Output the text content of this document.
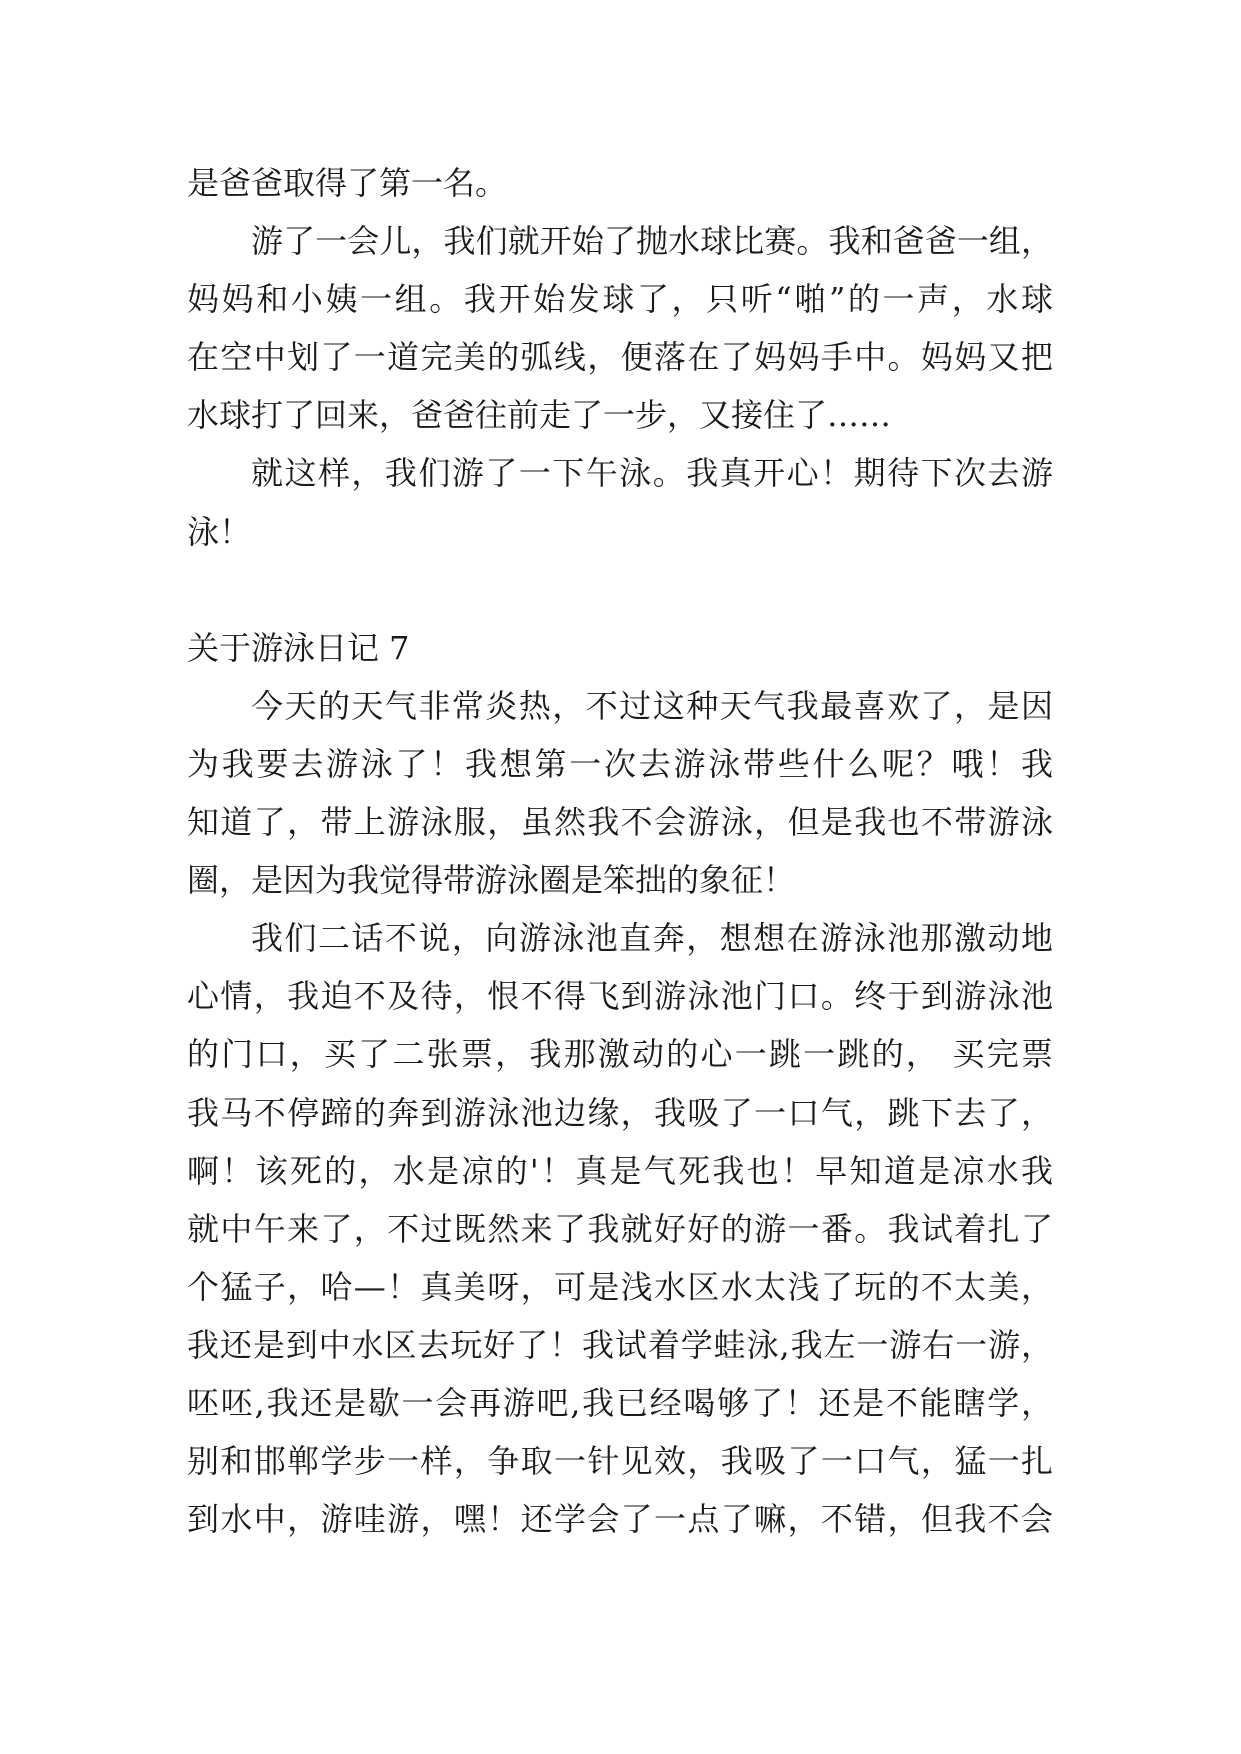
是爸爸取得了第一名。
游了一会儿，我们就开始了抛水球比赛。我和爸爸一组，
妈妈和小姨一组。我开始发球了，只听“啪”的一声，水球
在空中划了一道完美的弧线，便落在了妈妈手中。妈妈又把
水球打了回来，爸爸往前走了一步，又接住了……
就这样，我们游了一下午泳。我真开心！期待下次去游
泳！
关于游泳日记 7
今天的天气非常炎热，不过这种天气我最喜欢了，是因
为我要去游泳了！我想第一次去游泳带些什么呢？哦！我
知道了，带上游泳服，虽然我不会游泳，但是我也不带游泳
圈，是因为我觉得带游泳圈是笨拙的象征！
我们二话不说，向游泳池直奔，想想在游泳池那激动地
心情，我迫不及待，恨不得飞到游泳池门口。终于到游泳池
的门口，买了二张票，我那激动的心一跳一跳的， 买完票
我马不停蹄的奔到游泳池边缘，我吸了一口气，跳下去了，
啊！该死的，水是凉的'！真是气死我也！早知道是凉水我
就中午来了，不过既然来了我就好好的游一番。我试着扎了
个猛子，哈—！真美呀，可是浅水区水太浅了玩的不太美，
我还是到中水区去玩好了！我试着学蛙泳,我左一游右一游，
呸呸,我还是歇一会再游吧,我已经喝够了！还是不能瞎学，
别和邯郸学步一样，争取一针见效，我吸了一口气，猛一扎
到水中，游哇游，嘿！还学会了一点了嘛，不错，但我不会
